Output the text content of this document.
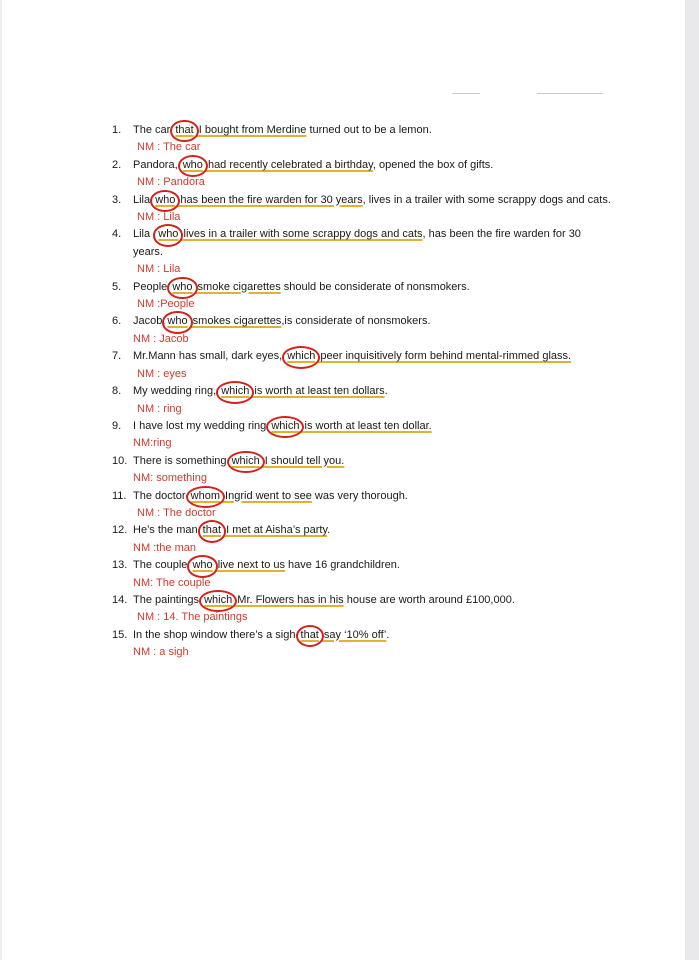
1. The car that I bought from Merdine turned out to be a lemon.
NM : The car
2. Pandora, who had recently celebrated a birthday, opened the box of gifts.
NM : Pandora
3. Lila, who has been the fire warden for 30 years, lives in a trailer with some scrappy dogs and cats.
NM : Lila
4. Lila , who lives in a trailer with some scrappy dogs and cats, has been the fire warden for 30 years.
NM : Lila
5. People who smoke cigarettes should be considerate of nonsmokers.
NM :People
6. Jacob, who smokes cigarettes,is considerate of nonsmokers.
NM : Jacob
7. Mr.Mann has small, dark eyes, which peer inquisitively form behind mental-rimmed glass.
NM : eyes
8. My wedding ring, which is worth at least ten dollars.
NM : ring
9. I have lost my wedding ring which is worth at least ten dollar.
NM:ring
10. There is something which I should tell you.
NM: something
11. The doctor whom Ingrid went to see was very thorough.
NM : The doctor
12. He’s the man that I met at Aisha’s party.
NM :the man
13. The couple who live next to us have 16 grandchildren.
NM: The couple
14. The paintings which Mr. Flowers has in his house are worth around £100,000.
NM : 14. The paintings
15. In the shop window there’s a sigh that say ‘10% off’.
NM : a sigh
